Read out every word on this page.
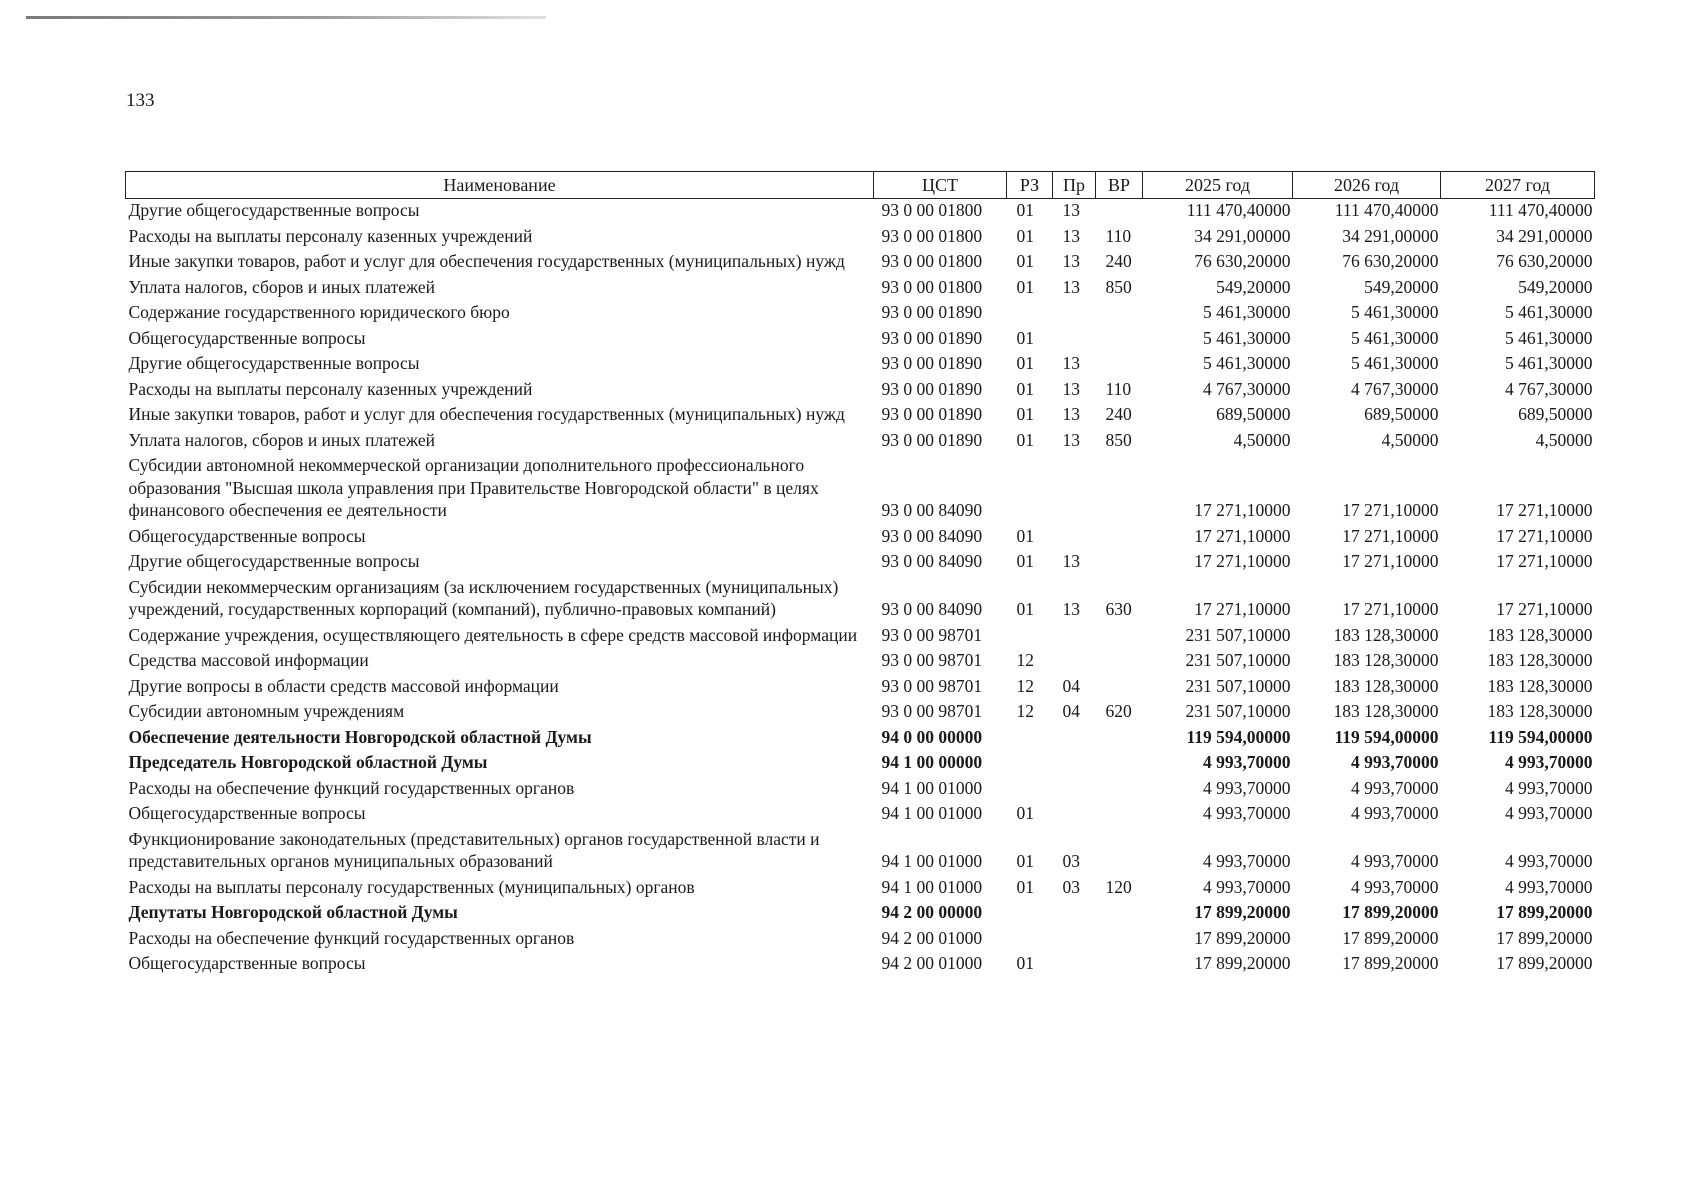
133
Наименование	ЦСТ	РЗ	Пр	ВР	2025 год	2026 год	2027 год
Другие общегосударственные вопросы	93 0 00 01800	01	13		111 470,40000	111 470,40000	111 470,40000
Расходы на выплаты персоналу казенных учреждений	93 0 00 01800	01	13	110	34 291,00000	34 291,00000	34 291,00000
Иные закупки товаров, работ и услуг для обеспечения государственных (муниципальных) нужд	93 0 00 01800	01	13	240	76 630,20000	76 630,20000	76 630,20000
Уплата налогов, сборов и иных платежей	93 0 00 01800	01	13	850	549,20000	549,20000	549,20000
Содержание государственного юридического бюро	93 0 00 01890				5 461,30000	5 461,30000	5 461,30000
Общегосударственные вопросы	93 0 00 01890	01			5 461,30000	5 461,30000	5 461,30000
Другие общегосударственные вопросы	93 0 00 01890	01	13		5 461,30000	5 461,30000	5 461,30000
Расходы на выплаты персоналу казенных учреждений	93 0 00 01890	01	13	110	4 767,30000	4 767,30000	4 767,30000
Иные закупки товаров, работ и услуг для обеспечения государственных (муниципальных) нужд	93 0 00 01890	01	13	240	689,50000	689,50000	689,50000
Уплата налогов, сборов и иных платежей	93 0 00 01890	01	13	850	4,50000	4,50000	4,50000
Субсидии автономной некоммерческой организации дополнительного профессионального образования "Высшая школа управления при Правительстве Новгородской области" в целях финансового обеспечения ее деятельности	93 0 00 84090				17 271,10000	17 271,10000	17 271,10000
Общегосударственные вопросы	93 0 00 84090	01			17 271,10000	17 271,10000	17 271,10000
Другие общегосударственные вопросы	93 0 00 84090	01	13		17 271,10000	17 271,10000	17 271,10000
Субсидии некоммерческим организациям (за исключением государственных (муниципальных) учреждений, государственных корпораций (компаний), публично-правовых компаний)	93 0 00 84090	01	13	630	17 271,10000	17 271,10000	17 271,10000
Содержание учреждения, осуществляющего деятельность в сфере средств массовой информации	93 0 00 98701				231 507,10000	183 128,30000	183 128,30000
Средства массовой информации	93 0 00 98701	12			231 507,10000	183 128,30000	183 128,30000
Другие вопросы в области средств массовой информации	93 0 00 98701	12	04		231 507,10000	183 128,30000	183 128,30000
Субсидии автономным учреждениям	93 0 00 98701	12	04	620	231 507,10000	183 128,30000	183 128,30000
Обеспечение деятельности Новгородской областной Думы	94 0 00 00000				119 594,00000	119 594,00000	119 594,00000
Председатель Новгородской областной Думы	94 1 00 00000				4 993,70000	4 993,70000	4 993,70000
Расходы на обеспечение функций государственных органов	94 1 00 01000				4 993,70000	4 993,70000	4 993,70000
Общегосударственные вопросы	94 1 00 01000	01			4 993,70000	4 993,70000	4 993,70000
Функционирование законодательных (представительных) органов государственной власти и представительных органов муниципальных образований	94 1 00 01000	01	03		4 993,70000	4 993,70000	4 993,70000
Расходы на выплаты персоналу государственных (муниципальных) органов	94 1 00 01000	01	03	120	4 993,70000	4 993,70000	4 993,70000
Депутаты Новгородской областной Думы	94 2 00 00000				17 899,20000	17 899,20000	17 899,20000
Расходы на обеспечение функций государственных органов	94 2 00 01000				17 899,20000	17 899,20000	17 899,20000
Общегосударственные вопросы	94 2 00 01000	01			17 899,20000	17 899,20000	17 899,20000
